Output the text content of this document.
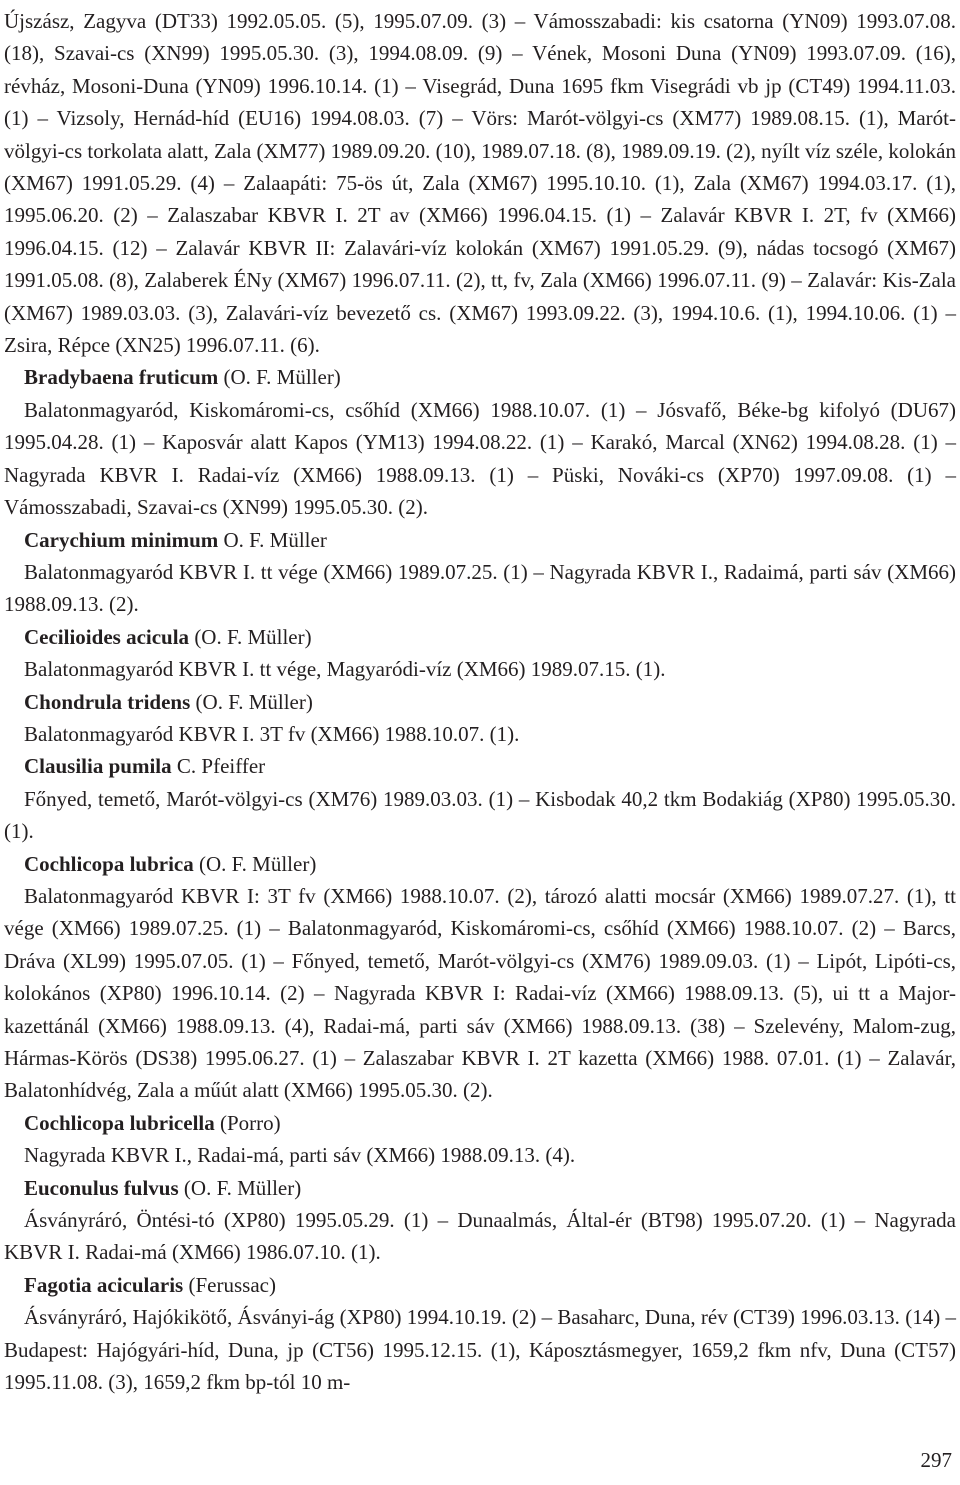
Újszász, Zagyva (DT33) 1992.05.05. (5), 1995.07.09. (3) – Vámosszabadi: kis csatorna (YN09) 1993.07.08. (18), Szavai-cs (XN99) 1995.05.30. (3), 1994.08.09. (9) – Vének, Mosoni Duna (YN09) 1993.07.09. (16), révház, Mosoni-Duna (YN09) 1996.10.14. (1) – Visegrád, Duna 1695 fkm Visegrádi vb jp (CT49) 1994.11.03. (1) – Vizsoly, Hernád-híd (EU16) 1994.08.03. (7) – Vörs: Marót-völgyi-cs (XM77) 1989.08.15. (1), Marót-völgyi-cs torkolata alatt, Zala (XM77) 1989.09.20. (10), 1989.07.18. (8), 1989.09.19. (2), nyílt víz széle, kolokán (XM67) 1991.05.29. (4) – Zalaapáti: 75-ös út, Zala (XM67) 1995.10.10. (1), Zala (XM67) 1994.03.17. (1), 1995.06.20. (2) – Zalaszabar KBVR I. 2T av (XM66) 1996.04.15. (1) – Zalavár KBVR I. 2T, fv (XM66) 1996.04.15. (12) – Zalavár KBVR II: Zalavári-víz kolokán (XM67) 1991.05.29. (9), nádas tocsogó (XM67) 1991.05.08. (8), Zalaberek ÉNy (XM67) 1996.07.11. (2), tt, fv, Zala (XM66) 1996.07.11. (9) – Zalavár: Kis-Zala (XM67) 1989.03.03. (3), Zalavári-víz bevezető cs. (XM67) 1993.09.22. (3), 1994.10.6. (1), 1994.10.06. (1) – Zsira, Répce (XN25) 1996.07.11. (6).

Bradybaena fruticum (O. F. Müller)

Balatonmagyaród, Kiskomáromi-cs, csőhíd (XM66) 1988.10.07. (1) – Jósvafő, Béke-bg kifolyó (DU67) 1995.04.28. (1) – Kaposvár alatt Kapos (YM13) 1994.08.22. (1) – Karakó, Marcal (XN62) 1994.08.28. (1) – Nagyrada KBVR I. Radai-víz (XM66) 1988.09.13. (1) – Püski, Nováki-cs (XP70) 1997.09.08. (1) – Vámosszabadi, Szavai-cs (XN99) 1995.05.30. (2).

Carychium minimum O. F. Müller

Balatonmagyaród KBVR I. tt vége (XM66) 1989.07.25. (1) – Nagyrada KBVR I., Radaimá, parti sáv (XM66) 1988.09.13. (2).

Cecilioides acicula (O. F. Müller)

Balatonmagyaród KBVR I. tt vége, Magyaródi-víz (XM66) 1989.07.15. (1).

Chondrula tridens (O. F. Müller)

Balatonmagyaród KBVR I. 3T fv (XM66) 1988.10.07. (1).

Clausilia pumila C. Pfeiffer

Főnyed, temető, Marót-völgyi-cs (XM76) 1989.03.03. (1) – Kisbodak 40,2 tkm Bodakiág (XP80) 1995.05.30. (1).

Cochlicopa lubrica (O. F. Müller)

Balatonmagyaród KBVR I: 3T fv (XM66) 1988.10.07. (2), tározó alatti mocsár (XM66) 1989.07.27. (1), tt vége (XM66) 1989.07.25. (1) – Balatonmagyaród, Kiskomáromi-cs, csőhíd (XM66) 1988.10.07. (2) – Barcs, Dráva (XL99) 1995.07.05. (1) – Főnyed, temető, Marót-völgyi-cs (XM76) 1989.09.03. (1) – Lipót, Lipóti-cs, kolokános (XP80) 1996.10.14. (2) – Nagyrada KBVR I: Radai-víz (XM66) 1988.09.13. (5), ui tt a Major-kazettánál (XM66) 1988.09.13. (4), Radai-má, parti sáv (XM66) 1988.09.13. (38) – Szelevény, Malom-zug, Hármas-Körös (DS38) 1995.06.27. (1) – Zalaszabar KBVR I. 2T kazetta (XM66) 1988. 07.01. (1) – Zalavár, Balatonhídvég, Zala a műút alatt (XM66) 1995.05.30. (2).

Cochlicopa lubricella (Porro)

Nagyrada KBVR I., Radai-má, parti sáv (XM66) 1988.09.13. (4).

Euconulus fulvus (O. F. Müller)

Ásványráró, Öntési-tó (XP80) 1995.05.29. (1) – Dunaalmás, Által-ér (BT98) 1995.07.20. (1) – Nagyrada KBVR I. Radai-má (XM66) 1986.07.10. (1).

Fagotia acicularis (Ferussac)

Ásványráró, Hajókikötő, Ásványi-ág (XP80) 1994.10.19. (2) – Basaharc, Duna, rév (CT39) 1996.03.13. (14) – Budapest: Hajógyári-híd, Duna, jp (CT56) 1995.12.15. (1), Káposztásmegyer, 1659,2 fkm nfv, Duna (CT57) 1995.11.08. (3), 1659,2 fkm bp-tól 10 m-

297
